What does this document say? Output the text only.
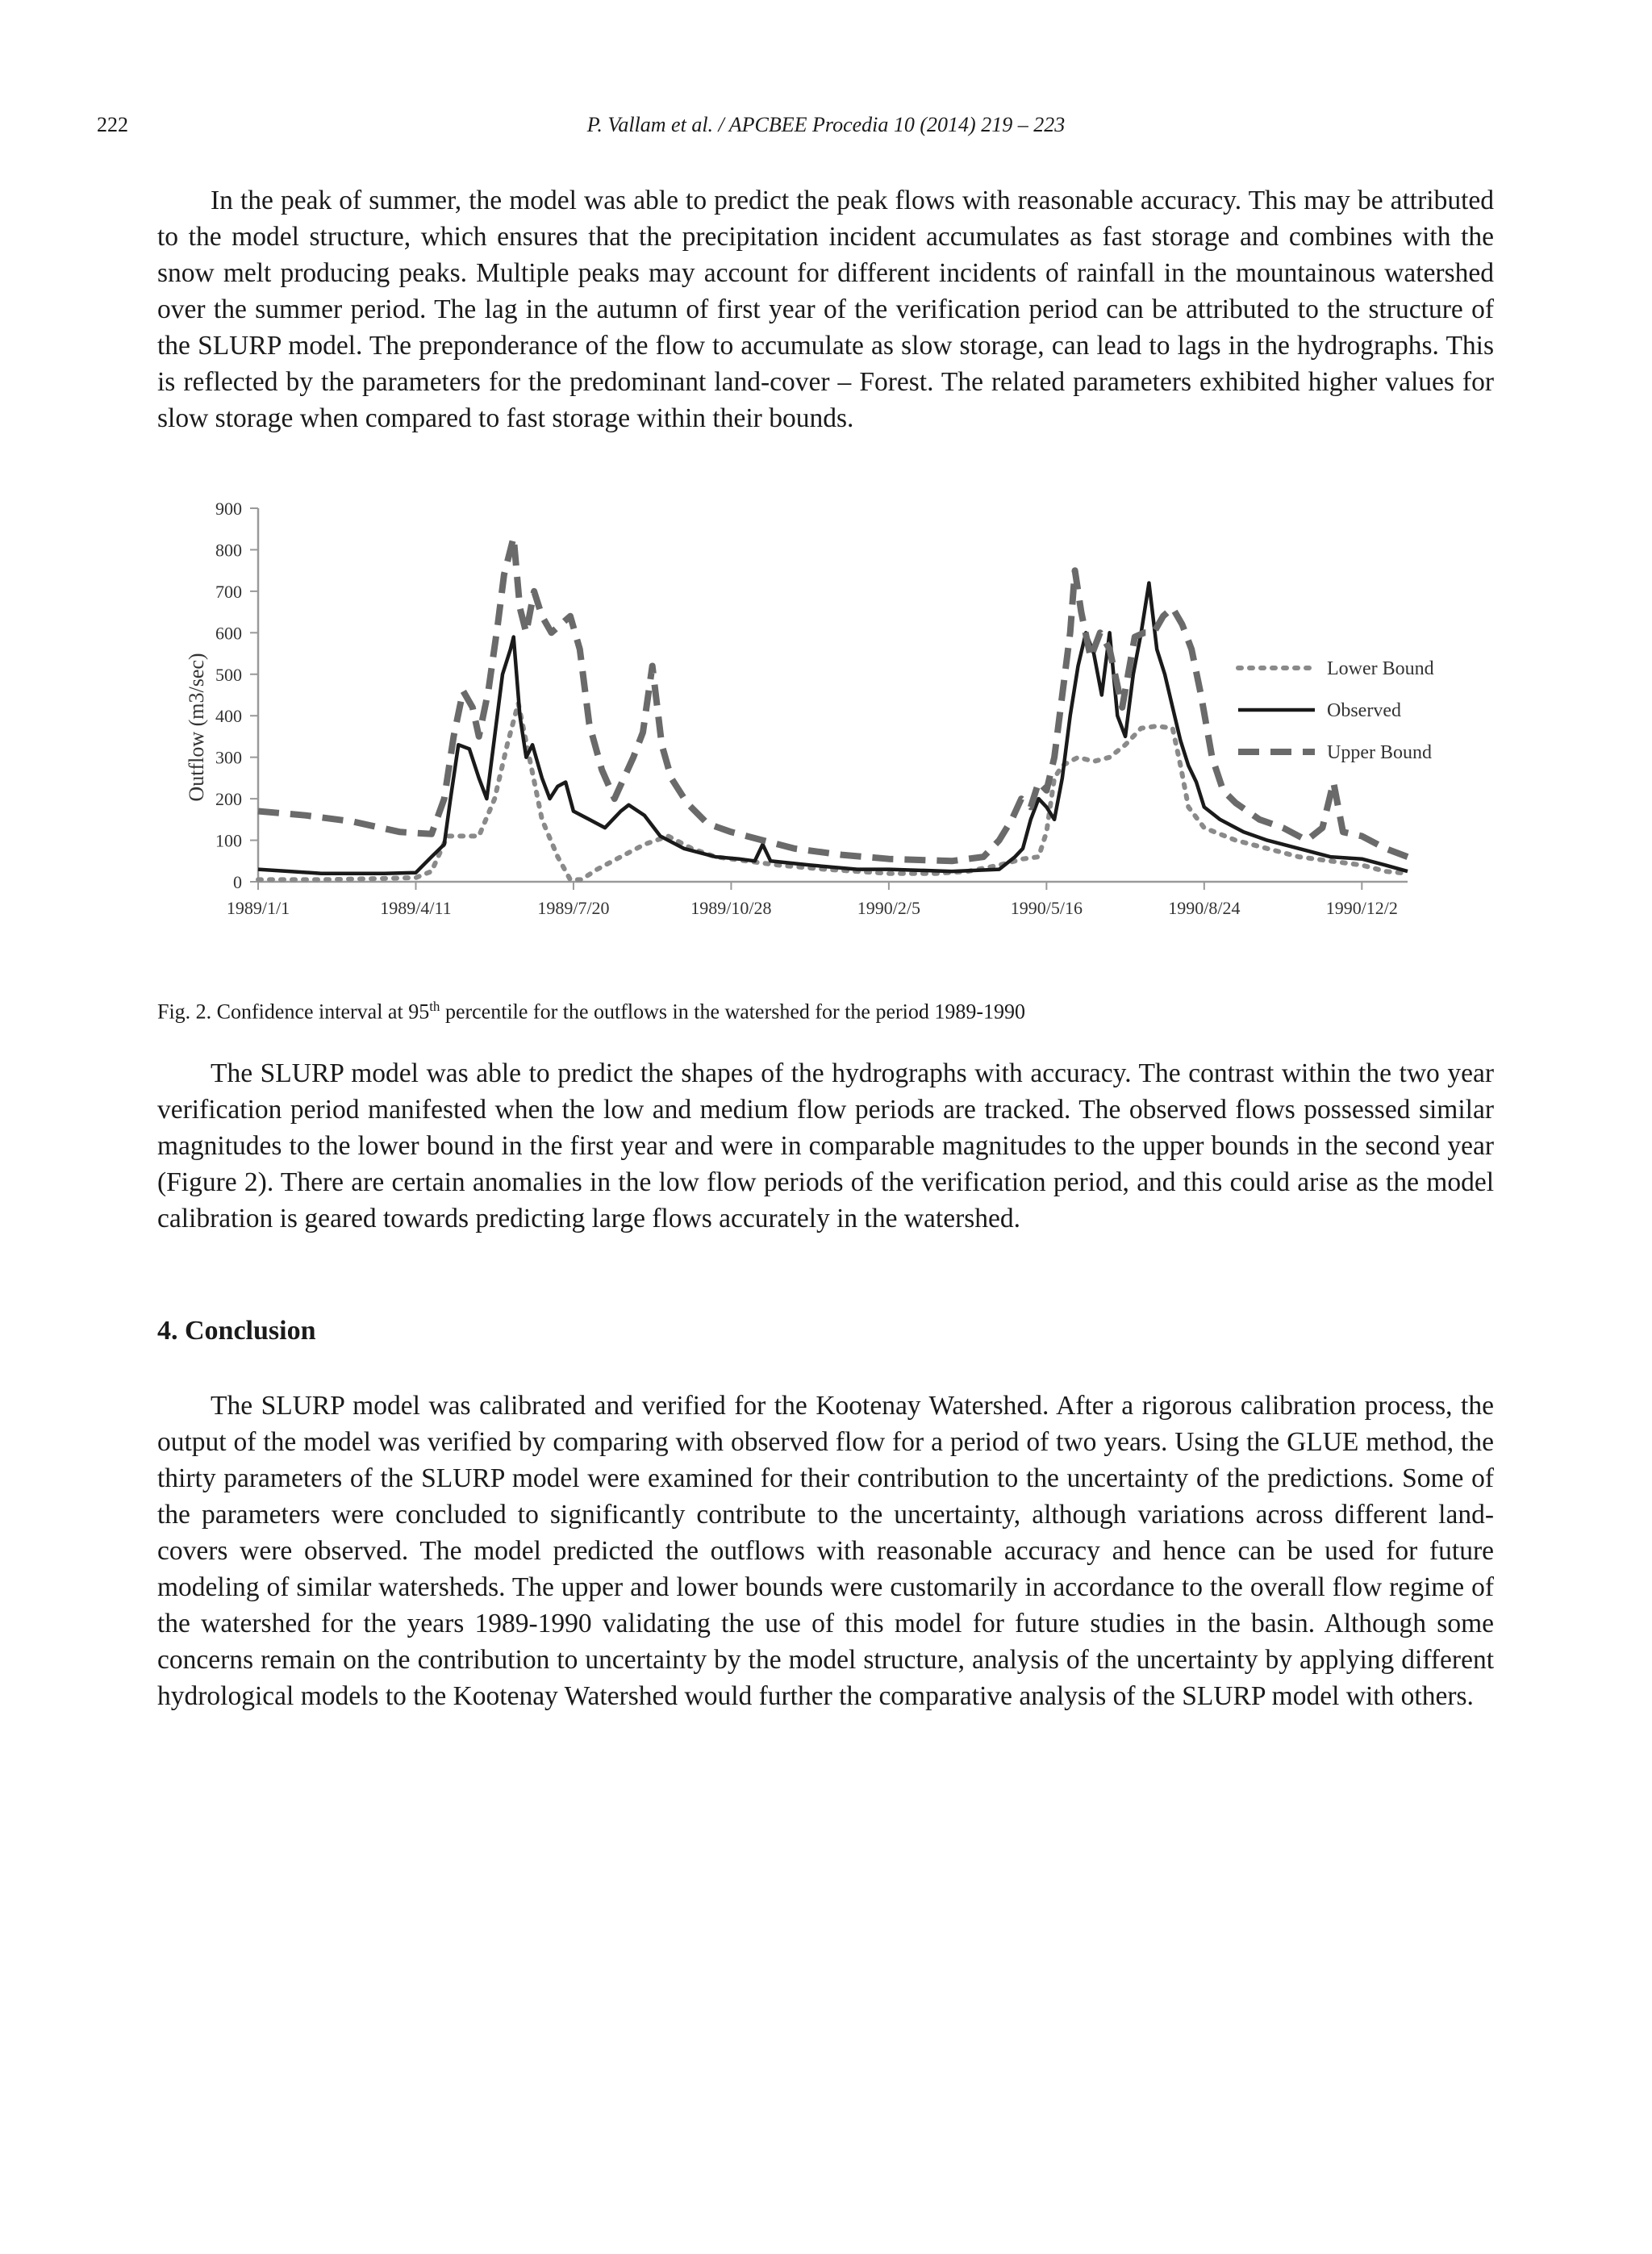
222	P. Vallam et al. / APCBEE Procedia 10 (2014) 219 – 223

In the peak of summer, the model was able to predict the peak flows with reasonable accuracy. This may be attributed to the model structure, which ensures that the precipitation incident accumulates as fast storage and combines with the snow melt producing peaks. Multiple peaks may account for different incidents of rainfall in the mountainous watershed over the summer period. The lag in the autumn of first year of the verification period can be attributed to the structure of the SLURP model. The preponderance of the flow to accumulate as slow storage, can lead to lags in the hydrographs. This is reflected by the parameters for the predominant land-cover – Forest. The related parameters exhibited higher values for slow storage when compared to fast storage within their bounds.

0
100
200
300
400
500
600
700
800
900
1989/1/1	1989/4/11	1989/7/20	1989/10/28	1990/2/5	1990/5/16	1990/8/24	1990/12/2
Outflow (m3/sec)	Lower Bound
Observed
Upper Bound
Fig. 2. Confidence interval at 95th percentile for the outflows in the watershed for the period 1989-1990

The SLURP model was able to predict the shapes of the hydrographs with accuracy. The contrast within the two year verification period manifested when the low and medium flow periods are tracked. The observed flows possessed similar magnitudes to the lower bound in the first year and were in comparable magnitudes to the upper bounds in the second year (Figure 2). There are certain anomalies in the low flow periods of the verification period, and this could arise as the model calibration is geared towards predicting large flows accurately in the watershed.

4. Conclusion

The SLURP model was calibrated and verified for the Kootenay Watershed. After a rigorous calibration process, the output of the model was verified by comparing with observed flow for a period of two years. Using the GLUE method, the thirty parameters of the SLURP model were examined for their contribution to the uncertainty of the predictions. Some of the parameters were concluded to significantly contribute to the uncertainty, although variations across different land-covers were observed. The model predicted the outflows with reasonable accuracy and hence can be used for future modeling of similar watersheds. The upper and lower bounds were customarily in accordance to the overall flow regime of the watershed for the years 1989-1990 validating the use of this model for future studies in the basin. Although some concerns remain on the contribution to uncertainty by the model structure, analysis of the uncertainty by applying different hydrological models to the Kootenay Watershed would further the comparative analysis of the SLURP model with others.
